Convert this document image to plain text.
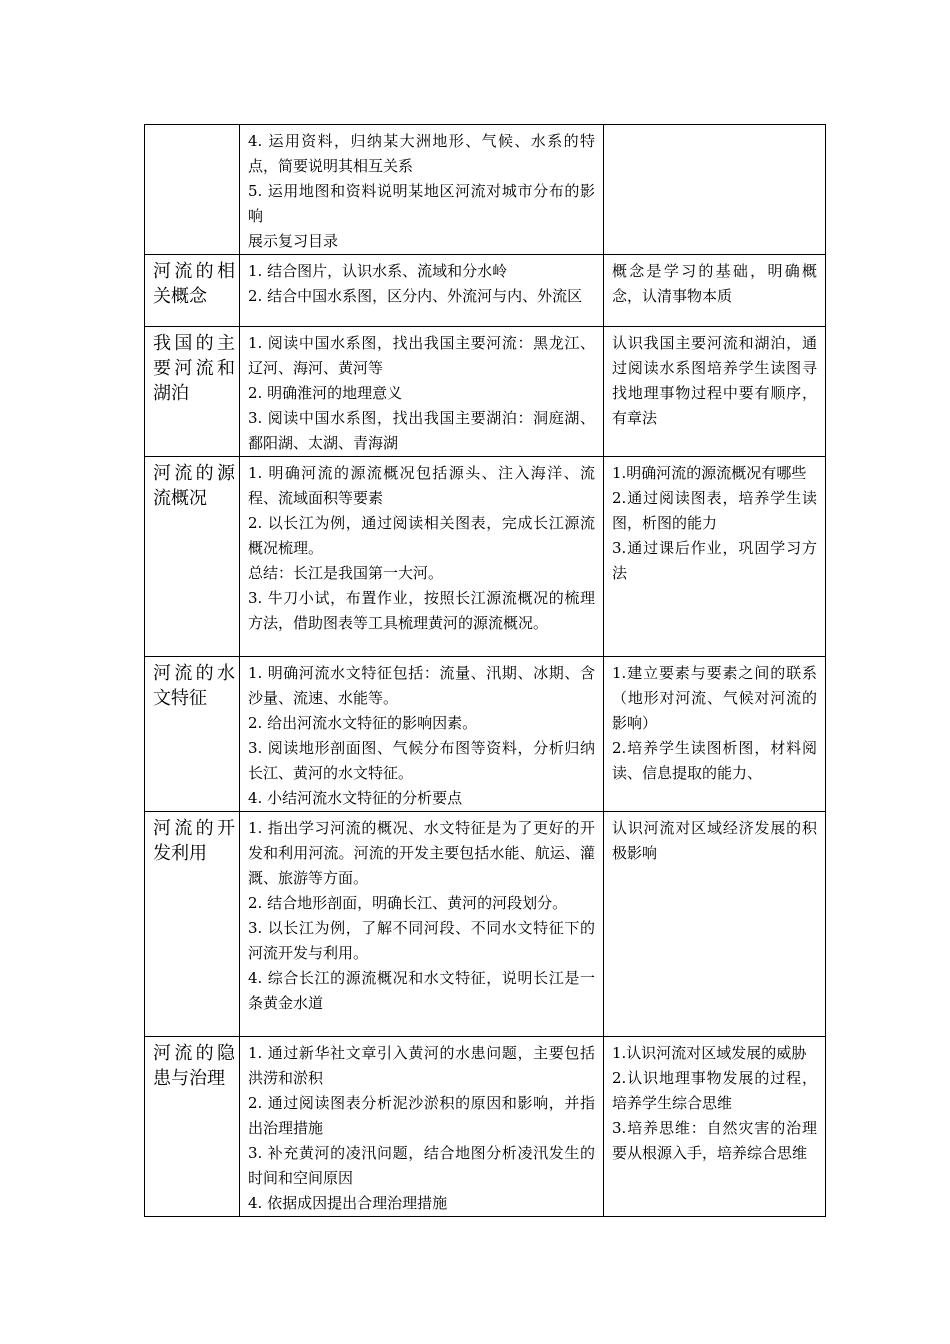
	4. 运用资料，归纳某大洲地形、气候、水系的特点，简要说明其相互关系
5. 运用地图和资料说明某地区河流对城市分布的影响
展示复习目录	

河流的相关概念	1. 结合图片，认识水系、流域和分水岭
2. 结合中国水系图，区分内、外流河与内、外流区	概念是学习的基础，明确概念，认清事物本质

我国的主要河流和湖泊	1. 阅读中国水系图，找出我国主要河流：黑龙江、辽河、海河、黄河等
2. 明确淮河的地理意义
3. 阅读中国水系图，找出我国主要湖泊：洞庭湖、鄱阳湖、太湖、青海湖	认识我国主要河流和湖泊，通过阅读水系图培养学生读图寻找地理事物过程中要有顺序，有章法

河流的源流概况	1. 明确河流的源流概况包括源头、注入海洋、流程、流域面积等要素
2. 以长江为例，通过阅读相关图表，完成长江源流概况梳理。
总结：长江是我国第一大河。
3. 牛刀小试，布置作业，按照长江源流概况的梳理方法，借助图表等工具梳理黄河的源流概况。	1.明确河流的源流概况有哪些
2.通过阅读图表，培养学生读图，析图的能力
3.通过课后作业，巩固学习方法

河流的水文特征	1. 明确河流水文特征包括：流量、汛期、冰期、含沙量、流速、水能等。
2. 给出河流水文特征的影响因素。
3. 阅读地形剖面图、气候分布图等资料，分析归纳长江、黄河的水文特征。
4. 小结河流水文特征的分析要点	1.建立要素与要素之间的联系（地形对河流、气候对河流的影响）
2.培养学生读图析图，材料阅读、信息提取的能力、

河流的开发利用	1. 指出学习河流的概况、水文特征是为了更好的开发和利用河流。河流的开发主要包括水能、航运、灌溉、旅游等方面。
2. 结合地形剖面，明确长江、黄河的河段划分。
3. 以长江为例，了解不同河段、不同水文特征下的河流开发与利用。
4. 综合长江的源流概况和水文特征，说明长江是一条黄金水道	认识河流对区域经济发展的积极影响

河流的隐患与治理	1. 通过新华社文章引入黄河的水患问题，主要包括洪涝和淤积
2. 通过阅读图表分析泥沙淤积的原因和影响，并指出治理措施
3. 补充黄河的凌汛问题，结合地图分析凌汛发生的时间和空间原因
4. 依据成因提出合理治理措施	1.认识河流对区域发展的威胁
2.认识地理事物发展的过程，培养学生综合思维
3.培养思维：自然灾害的治理要从根源入手，培养综合思维
